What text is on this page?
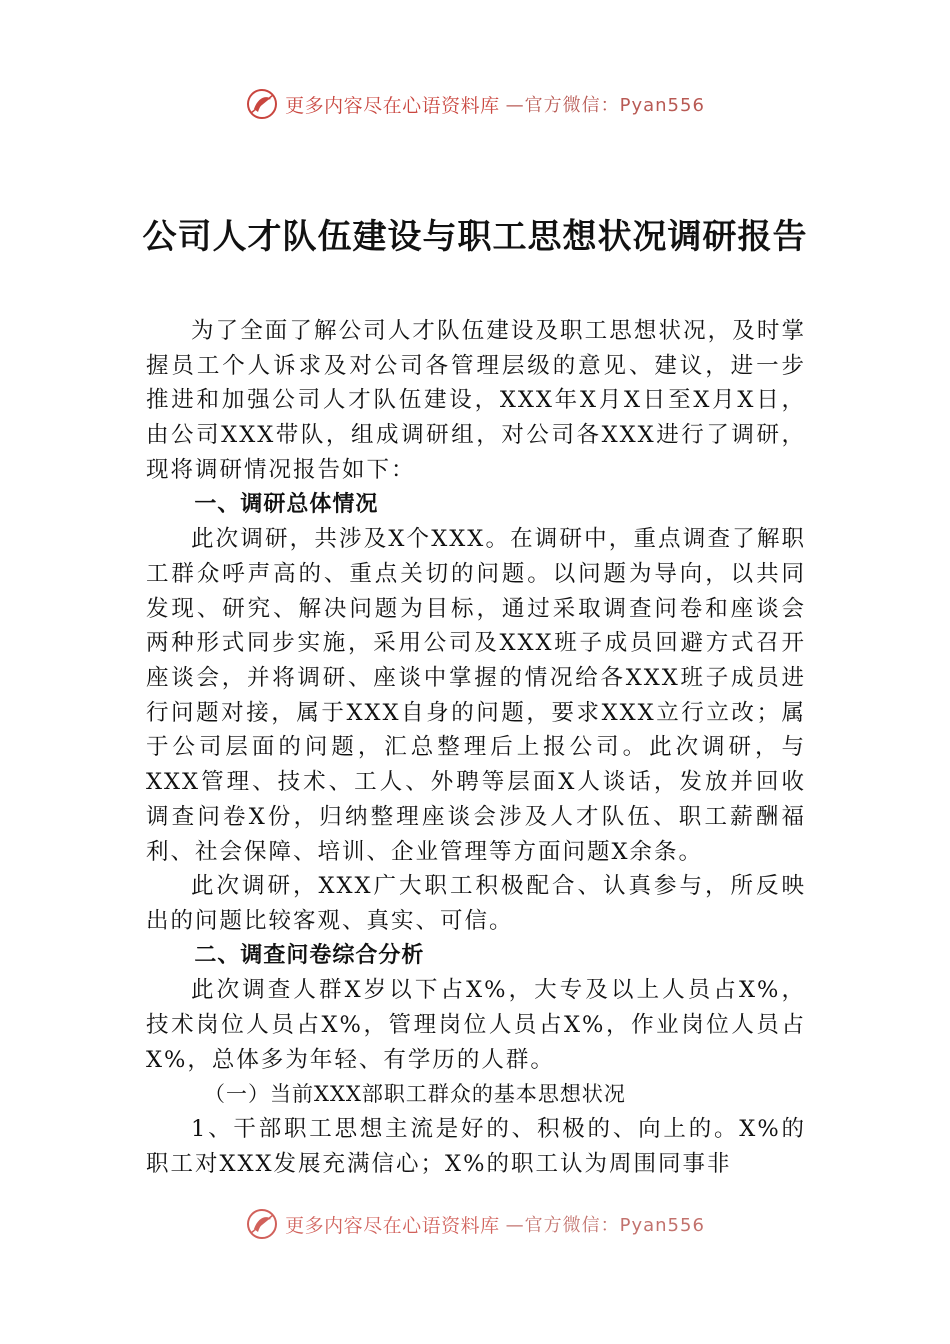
更多内容尽在心语资料库 —官方微信：Pyan556
公司人才队伍建设与职工思想状况调研报告

为了全面了解公司人才队伍建设及职工思想状况，及时掌握员工个人诉求及对公司各管理层级的意见、建议，进一步推进和加强公司人才队伍建设，XXX年X月X日至X月X日，由公司XXX带队，组成调研组，对公司各XXX进行了调研，现将调研情况报告如下：

一、调研总体情况

此次调研，共涉及X个XXX。在调研中，重点调查了解职工群众呼声高的、重点关切的问题。以问题为导向，以共同发现、研究、解决问题为目标，通过采取调查问卷和座谈会两种形式同步实施，采用公司及XXX班子成员回避方式召开座谈会，并将调研、座谈中掌握的情况给各XXX班子成员进行问题对接，属于XXX自身的问题，要求XXX立行立改；属于公司层面的问题，汇总整理后上报公司。此次调研，与XXX管理、技术、工人、外聘等层面X人谈话，发放并回收调查问卷X份，归纳整理座谈会涉及人才队伍、职工薪酬福利、社会保障、培训、企业管理等方面问题X余条。

此次调研，XXX广大职工积极配合、认真参与，所反映出的问题比较客观、真实、可信。

二、调查问卷综合分析

此次调查人群X岁以下占X%，大专及以上人员占X%，技术岗位人员占X%，管理岗位人员占X%，作业岗位人员占X%，总体多为年轻、有学历的人群。

（一）当前XXX部职工群众的基本思想状况

1、干部职工思想主流是好的、积极的、向上的。X%的职工对XXX发展充满信心；X%的职工认为周围同事非

更多内容尽在心语资料库 —官方微信：Pyan556
